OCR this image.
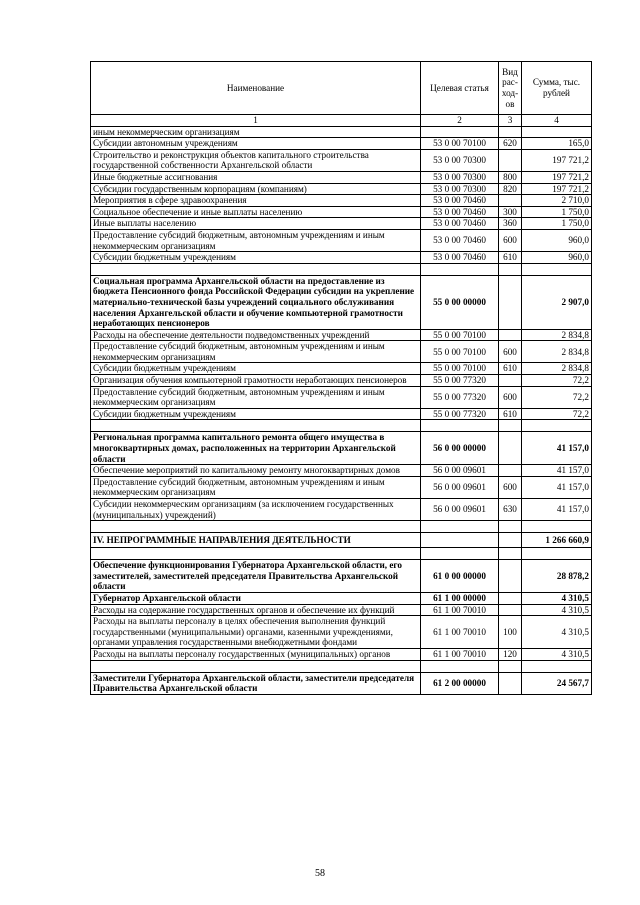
Наименование	Целевая статья	Вид рас-ход-ов	Сумма, тыс. рублей
1	2	3	4
иным некоммерческим организациям			
Субсидии автономным учреждениям	53 0 00 70100	620	165,0
Строительство и реконструкция объектов капитального строительства государственной собственности Архангельской области	53 0 00 70300		197 721,2
Иные бюджетные ассигнования	53 0 00 70300	800	197 721,2
Субсидии государственным корпорациям (компаниям)	53 0 00 70300	820	197 721,2
Мероприятия в сфере здравоохранения	53 0 00 70460		2 710,0
Социальное обеспечение и иные выплаты населению	53 0 00 70460	300	1 750,0
Иные выплаты населению	53 0 00 70460	360	1 750,0
Предоставление субсидий бюджетным, автономным учреждениям и иным некоммерческим организациям	53 0 00 70460	600	960,0
Субсидии бюджетным учреждениям	53 0 00 70460	610	960,0

Социальная программа Архангельской области на предоставление из бюджета Пенсионного фонда Российской Федерации субсидии на укрепление материально-технической базы учреждений социального обслуживания населения Архангельской области и обучение компьютерной грамотности неработающих пенсионеров	55 0 00 00000		2 907,0
Расходы на обеспечение деятельности подведомственных учреждений	55 0 00 70100		2 834,8
Предоставление субсидий бюджетным, автономным учреждениям и иным некоммерческим организациям	55 0 00 70100	600	2 834,8
Субсидии бюджетным учреждениям	55 0 00 70100	610	2 834,8
Организация обучения компьютерной грамотности неработающих пенсионеров	55 0 00 77320		72,2
Предоставление субсидий бюджетным, автономным учреждениям и иным некоммерческим организациям	55 0 00 77320	600	72,2
Субсидии бюджетным учреждениям	55 0 00 77320	610	72,2

Региональная программа капитального ремонта общего имущества в многоквартирных домах, расположенных на территории Архангельской области	56 0 00 00000		41 157,0
Обеспечение мероприятий по капитальному ремонту многоквартирных домов	56 0 00 09601		41 157,0
Предоставление субсидий бюджетным, автономным учреждениям и иным некоммерческим организациям	56 0 00 09601	600	41 157,0
Субсидии некоммерческим организациям (за исключением государственных (муниципальных) учреждений)	56 0 00 09601	630	41 157,0

IV. НЕПРОГРАММНЫЕ НАПРАВЛЕНИЯ ДЕЯТЕЛЬНОСТИ			1 266 660,9

Обеспечение функционирования Губернатора Архангельской области, его заместителей, заместителей председателя Правительства Архангельской области	61 0 00 00000		28 878,2
Губернатор Архангельской области	61 1 00 00000		4 310,5
Расходы на содержание государственных органов и обеспечение их функций	61 1 00 70010		4 310,5
Расходы на выплаты персоналу в целях обеспечения выполнения функций государственными (муниципальными) органами, казенными учреждениями, органами управления государственными внебюджетными фондами	61 1 00 70010	100	4 310,5
Расходы на выплаты персоналу государственных (муниципальных) органов	61 1 00 70010	120	4 310,5

Заместители Губернатора Архангельской области, заместители председателя Правительства Архангельской области	61 2 00 00000		24 567,7
58
